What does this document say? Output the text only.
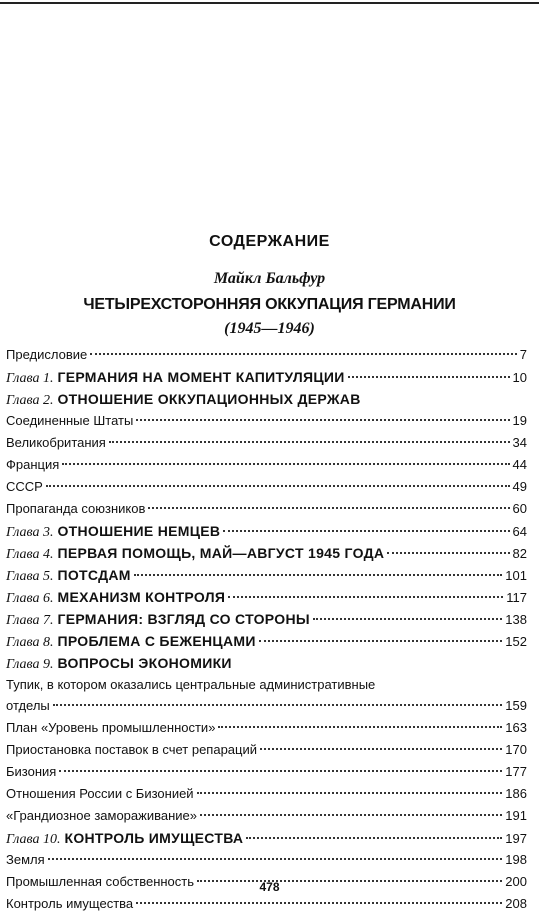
СОДЕРЖАНИЕ
Майкл Бальфур
ЧЕТЫРЕХСТОРОННЯЯ ОККУПАЦИЯ ГЕРМАНИИ
(1945—1946)
Предисловие	7
Глава 1. ГЕРМАНИЯ НА МОМЕНТ КАПИТУЛЯЦИИ	10
Глава 2. ОТНОШЕНИЕ ОККУПАЦИОННЫХ ДЕРЖАВ
Соединенные Штаты	19
Великобритания	34
Франция	44
СССР	49
Пропаганда союзников	60
Глава 3. ОТНОШЕНИЕ НЕМЦЕВ	64
Глава 4. ПЕРВАЯ ПОМОЩЬ, МАЙ—АВГУСТ 1945 ГОДА	82
Глава 5. ПОТСДАМ	101
Глава 6. МЕХАНИЗМ КОНТРОЛЯ	117
Глава 7. ГЕРМАНИЯ: ВЗГЛЯД СО СТОРОНЫ	138
Глава 8. ПРОБЛЕМА С БЕЖЕНЦАМИ	152
Глава 9. ВОПРОСЫ ЭКОНОМИКИ
Тупик, в котором оказались центральные административные
отделы	159
План «Уровень промышленности»	163
Приостановка поставок в счет репараций	170
Бизония	177
Отношения России с Бизонией	186
«Грандиозное замораживание»	191
Глава 10. КОНТРОЛЬ ИМУЩЕСТВА	197
Земля	198
Промышленная собственность	200
Контроль имущества	208
478
